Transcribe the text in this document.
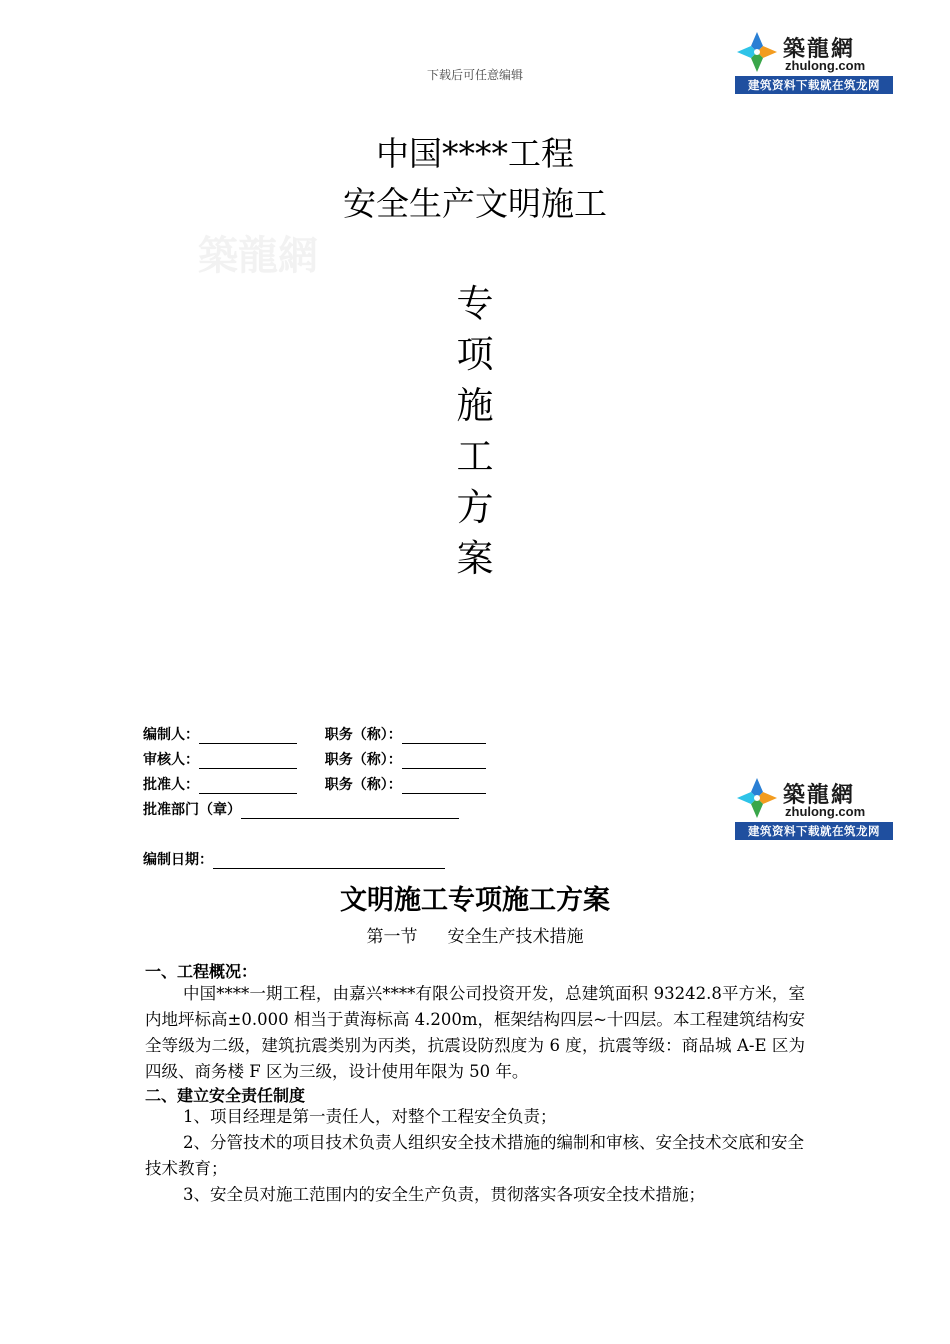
下载后可任意编辑
築龍網
zhulong.com
建筑资料下载就在筑龙网
築龍網
中国****工程
安全生产文明施工
专
项
施
工
方
案
编制人：	职务（称）：
审核人：	职务（称）：
批准人：	职务（称）：
批准部门（章）
编制日期：
築龍網
zhulong.com
建筑资料下载就在筑龙网
文明施工专项施工方案
第一节 安全生产技术措施
一、工程概况：
中国****一期工程，由嘉兴****有限公司投资开发，总建筑面积 93242.8平方米，室内地坪标高±0.000 相当于黄海标高 4.200m，框架结构四层~十四层。本工程建筑结构安全等级为二级，建筑抗震类别为丙类，抗震设防烈度为 6 度，抗震等级：商品城 A-E 区为四级、商务楼 F 区为三级，设计使用年限为 50 年。
二、建立安全责任制度
1、项目经理是第一责任人，对整个工程安全负责；
2、分管技术的项目技术负责人组织安全技术措施的编制和审核、安全技术交底和安全技术教育；
3、安全员对施工范围内的安全生产负责，贯彻落实各项安全技术措施；
